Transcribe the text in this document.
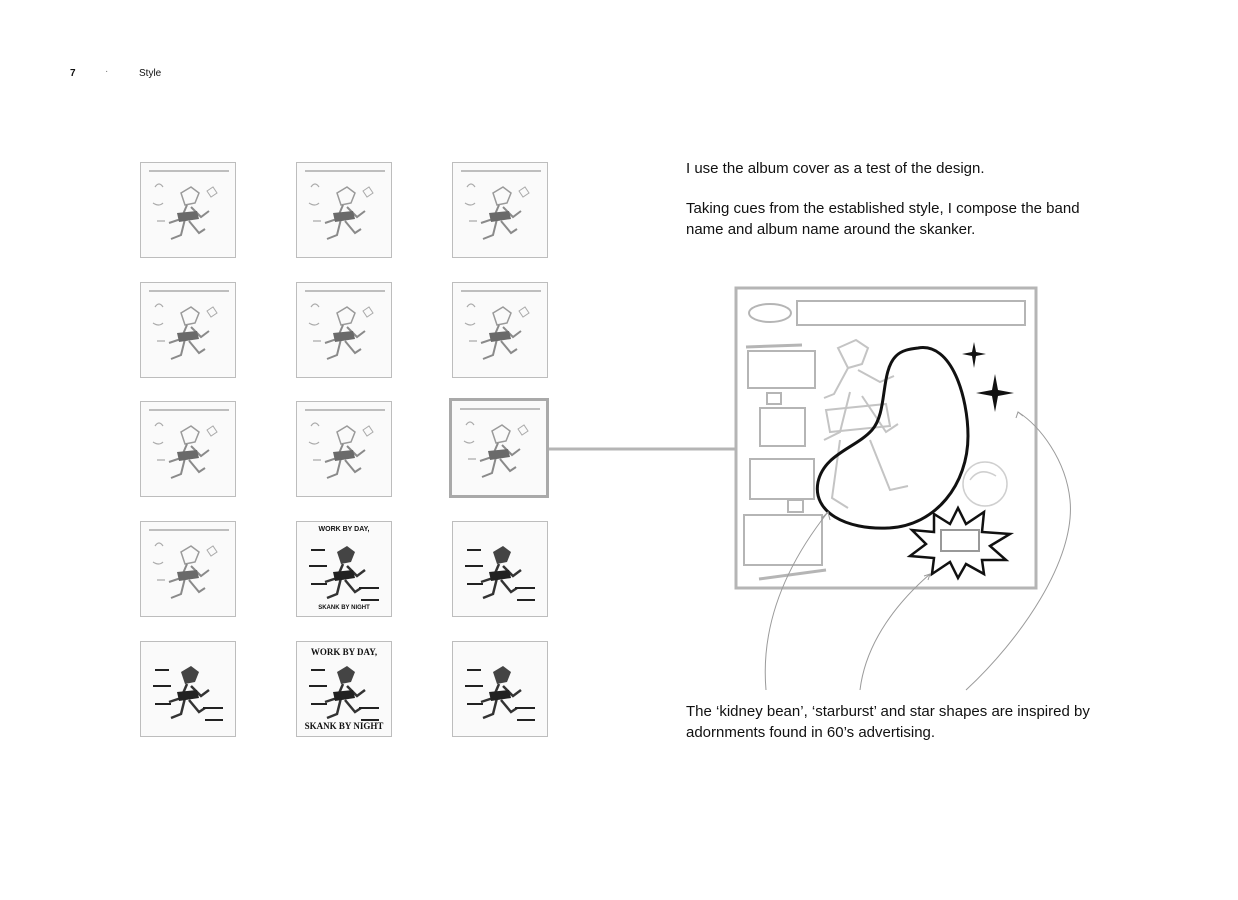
7	·	Style
WORK BY DAY,
SKANK BY NIGHT
WORK BY DAY,
SKANK BY NIGHT
I use the album cover as a test of the design.
Taking cues from the established style, I compose the band name and album name around the skanker.
The ‘kidney bean’, ‘starburst’ and star shapes are inspired by adornments found in 60’s advertising.
